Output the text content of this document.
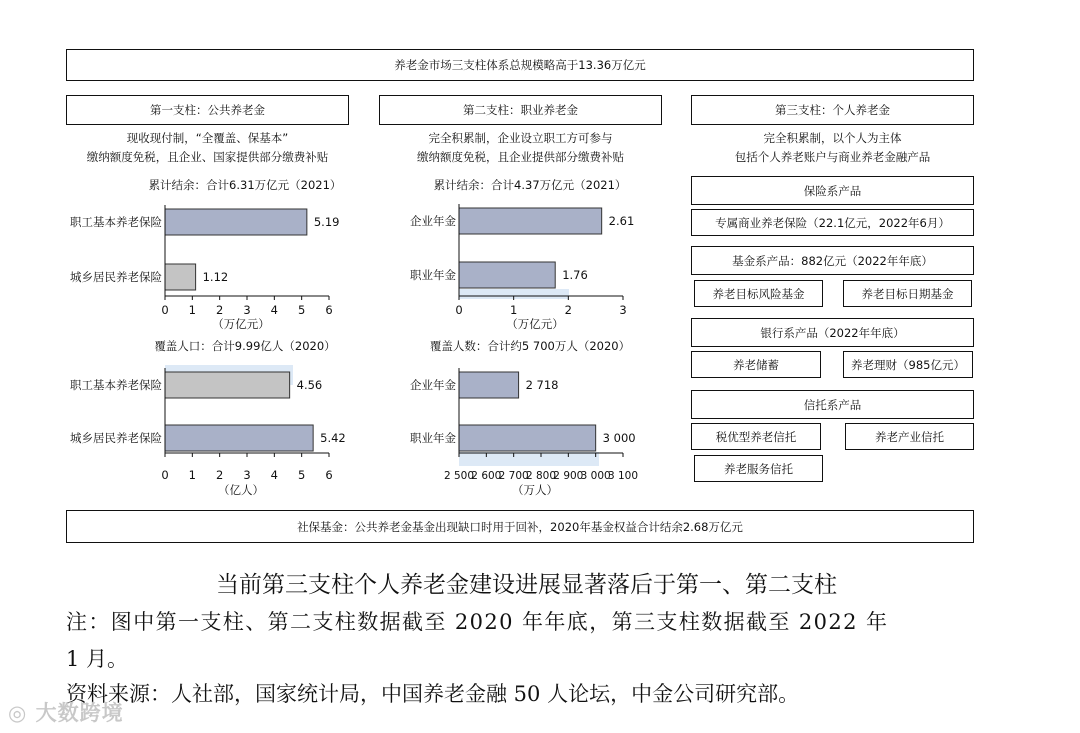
养老金市场三支柱体系总规模略高于13.36万亿元
第一支柱：公共养老金	第二支柱：职业养老金	第三支柱：个人养老金
现收现付制，“全覆盖、保基本”
缴纳额度免税，且企业、国家提供部分缴费补贴
完全积累制，企业设立职工方可参与
缴纳额度免税，且企业提供部分缴费补贴
完全积累制，以个人为主体
包括个人养老账户与商业养老金融产品
累计结余：合计6.31万亿元（2021）
职工基本养老保险	5.19
城乡居民养老保险	1.12
0 1 2 3 4 5 6
（万亿元）
累计结余：合计4.37万亿元（2021）
企业年金	2.61
职业年金	1.76
0	1	2	3
（万亿元）
覆盖人口：合计9.99亿人（2020）
职工基本养老保险	4.56
城乡居民养老保险	5.42
0 1 2 3 4 5 6
（亿人）
覆盖人数：合计约5 700万人（2020）
企业年金	2 718
职业年金	3 000
2 500
2 600
2 700
2 800
2 900
3 000
3 100
（万人）
保险系产品
专属商业养老保险（22.1亿元，2022年6月）
基金系产品：882亿元（2022年年底）
养老目标风险基金	养老目标日期基金
银行系产品（2022年年底）
养老储蓄	养老理财（985亿元）
信托系产品
税优型养老信托	养老产业信托
养老服务信托
社保基金：公共养老金基金出现缺口时用于回补，2020年基金权益合计结余2.68万亿元
当前第三支柱个人养老金建设进展显著落后于第一、第二支柱
注：图中第一支柱、第二支柱数据截至 2020 年年底，第三支柱数据截至 2022 年
1 月。
资料来源：人社部，国家统计局，中国养老金融 50 人论坛，中金公司研究部。
◎ 大数跨境
